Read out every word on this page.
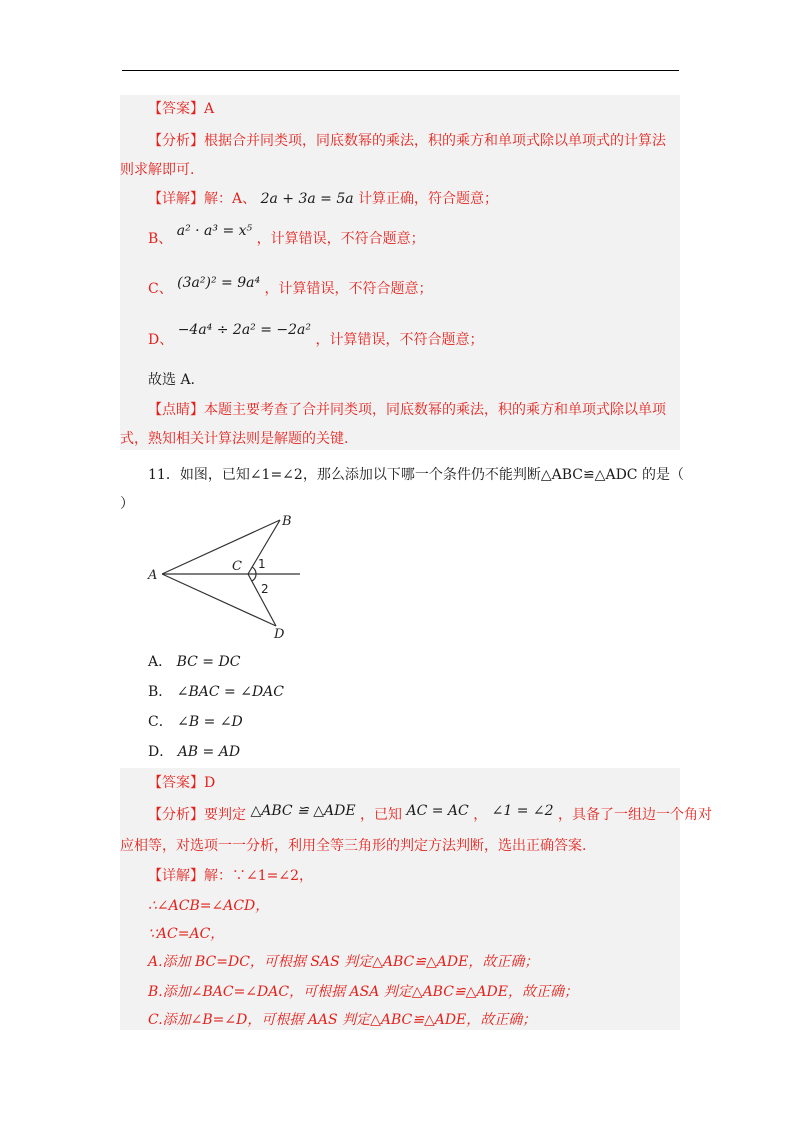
【答案】A
【分析】根据合并同类项，同底数幂的乘法，积的乘方和单项式除以单项式的计算法
则求解即可.
【详解】解：A、 2a + 3a = 5a 计算正确，符合题意；
B、 a² · a³ = x⁵ ，计算错误，不符合题意；
C、 (3a²)² = 9a⁴ ，计算错误，不符合题意；
D、 −4a⁴ ÷ 2a² = −2a² ，计算错误，不符合题意；
故选 A.
【点睛】本题主要考查了合并同类项，同底数幂的乘法，积的乘方和单项式除以单项
式，熟知相关计算法则是解题的关键.
11．如图，已知∠1=∠2，那么添加以下哪一个条件仍不能判断△ABC≌△ADC 的是（
）
A
B
C
D
1
2
A． BC = DC
B． ∠BAC = ∠DAC
C． ∠B = ∠D
D． AB = AD
【答案】D
【分析】要判定 △ABC ≌ △ADE ，已知 AC = AC ， ∠1 = ∠2 ，具备了一组边一个角对
应相等，对选项一一分析，利用全等三角形的判定方法判断，选出正确答案.
【详解】解：∵∠1=∠2，
∴∠ACB=∠ACD，
∵AC=AC，
A.添加 BC=DC，可根据 SAS 判定△ABC≌△ADE，故正确；
B.添加∠BAC=∠DAC，可根据 ASA 判定△ABC≌△ADE，故正确；
C.添加∠B=∠D，可根据 AAS 判定△ABC≌△ADE，故正确；
